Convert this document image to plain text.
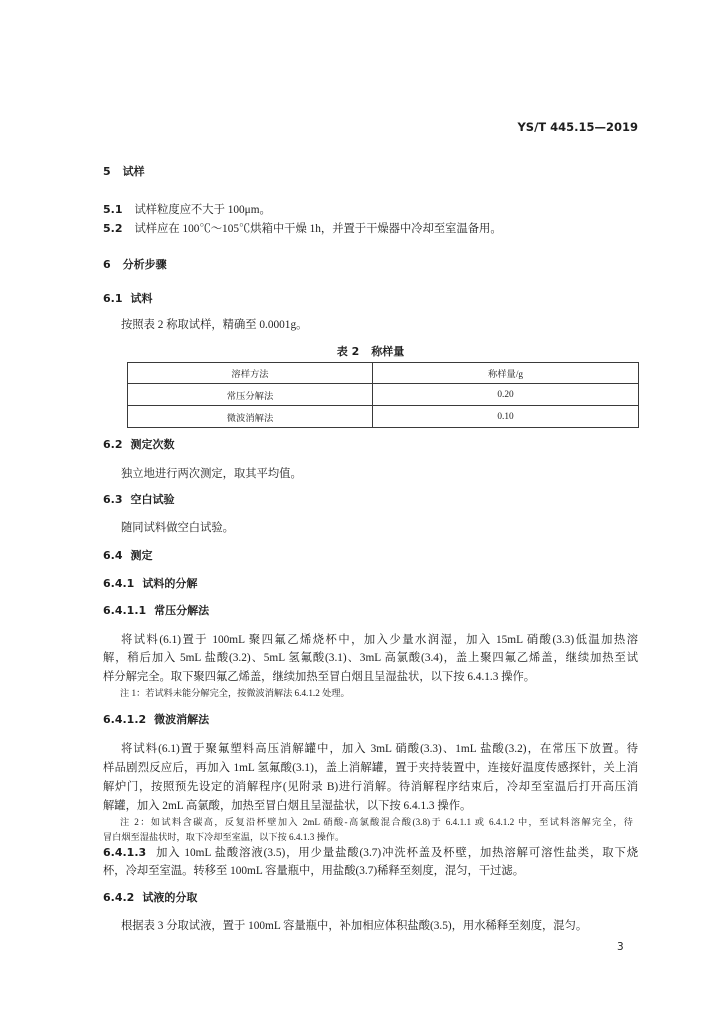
YS/T 445.15—2019
5 试样
5.1 试样粒度应不大于 100μm。
5.2 试样应在 100℃～105℃烘箱中干燥 1h，并置于干燥器中冷却至室温备用。
6 分析步骤
6.1 试料
按照表 2 称取试样，精确至 0.0001g。
表 2 称样量
溶样方法	称样量/g
常压分解法	0.20
微波消解法	0.10
6.2 测定次数
独立地进行两次测定，取其平均值。
6.3 空白试验
随同试料做空白试验。
6.4 测定
6.4.1 试料的分解
6.4.1.1 常压分解法
将试料(6.1)置于 100mL 聚四氟乙烯烧杯中，加入少量水润湿，加入 15mL 硝酸(3.3)低温加热溶
解，稍后加入 5mL 盐酸(3.2)、5mL 氢氟酸(3.1)、3mL 高氯酸(3.4)，盖上聚四氟乙烯盖，继续加热至试
样分解完全。取下聚四氟乙烯盖，继续加热至冒白烟且呈湿盐状，以下按 6.4.1.3 操作。
注 1：若试料未能分解完全，按微波消解法 6.4.1.2 处理。
6.4.1.2 微波消解法
将试料(6.1)置于聚氟塑料高压消解罐中，加入 3mL 硝酸(3.3)、1mL 盐酸(3.2)，在常压下放置。待
样品剧烈反应后，再加入 1mL 氢氟酸(3.1)，盖上消解罐，置于夹持装置中，连接好温度传感探针，关上消
解炉门，按照预先设定的消解程序(见附录 B)进行消解。待消解程序结束后，冷却至室温后打开高压消
解罐，加入 2mL 高氯酸，加热至冒白烟且呈湿盐状，以下按 6.4.1.3 操作。
注 2：如试料含碳高，反复沿杯壁加入 2mL 硝酸-高氯酸混合酸(3.8)于 6.4.1.1 或 6.4.1.2 中，至试料溶解完全，待
冒白烟至湿盐状时，取下冷却至室温，以下按 6.4.1.3 操作。
6.4.1.3 加入 10mL 盐酸溶液(3.5)，用少量盐酸(3.7)冲洗杯盖及杯壁，加热溶解可溶性盐类，取下烧
杯，冷却至室温。转移至 100mL 容量瓶中，用盐酸(3.7)稀释至刻度，混匀，干过滤。
6.4.2 试液的分取
根据表 3 分取试液，置于 100mL 容量瓶中，补加相应体积盐酸(3.5)，用水稀释至刻度，混匀。
3
